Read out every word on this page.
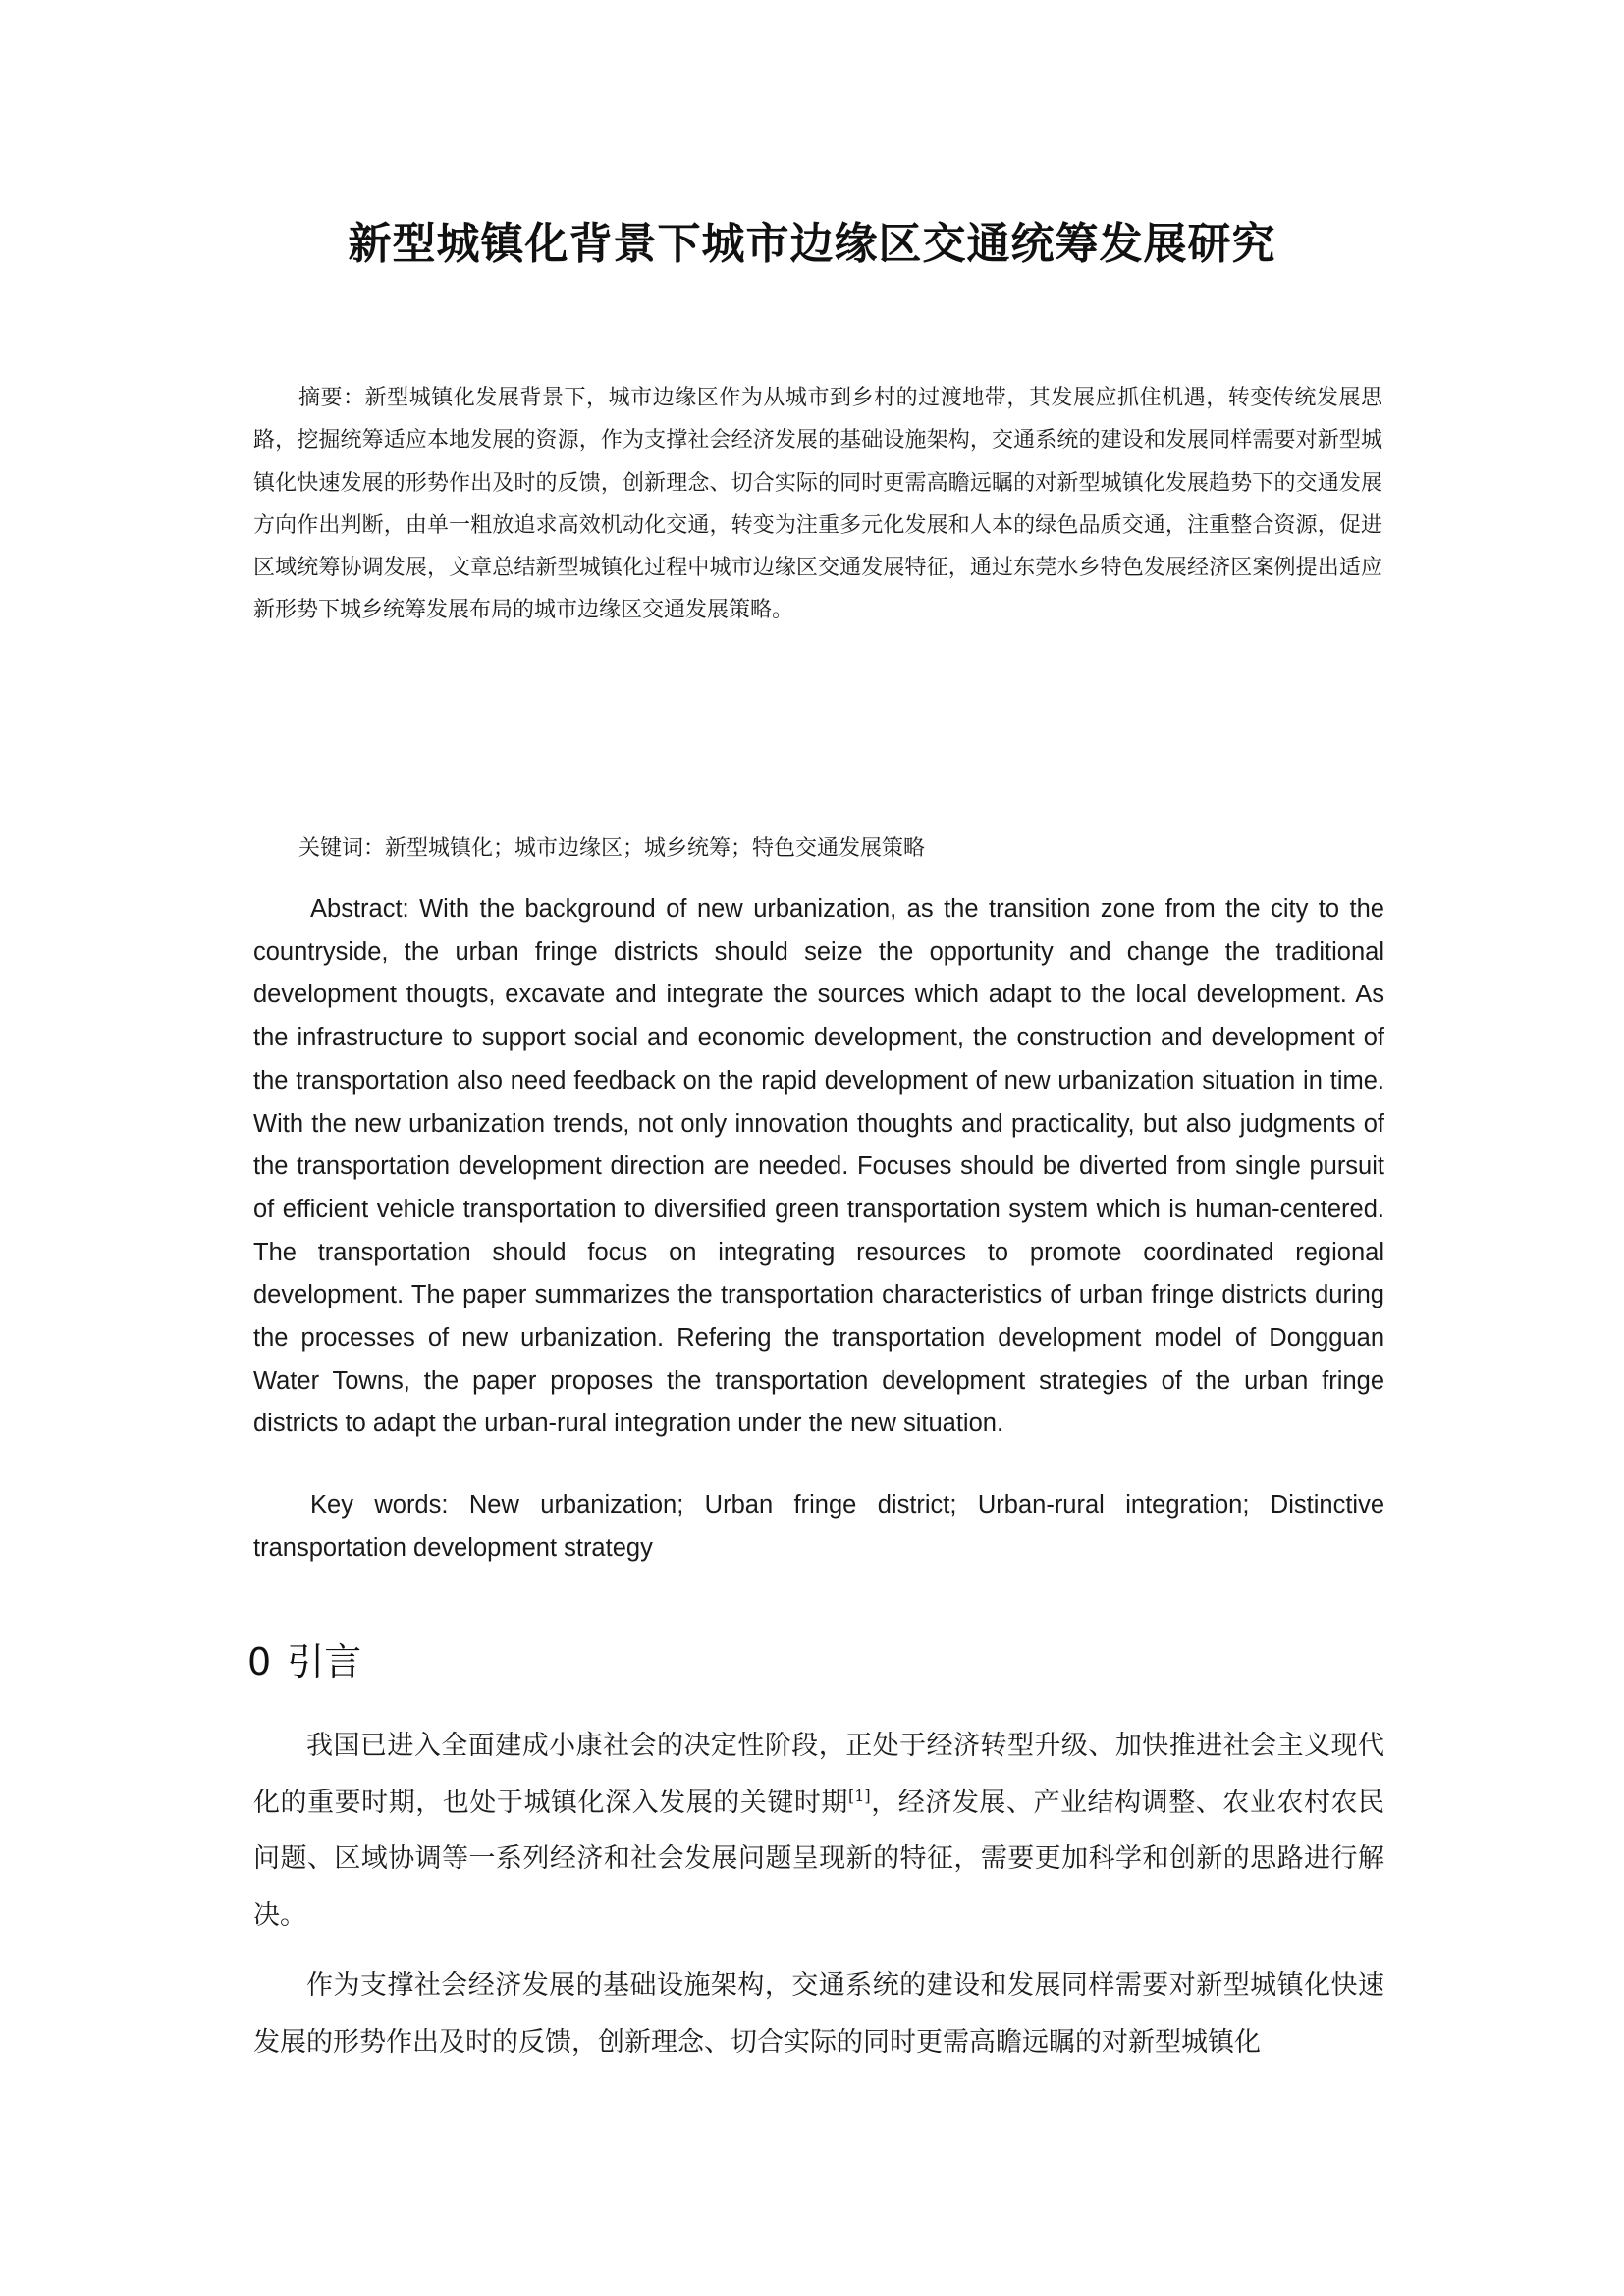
新型城镇化背景下城市边缘区交通统筹发展研究

摘要：新型城镇化发展背景下，城市边缘区作为从城市到乡村的过渡地带，其发展应抓住机遇，转变传统发展思路，挖掘统筹适应本地发展的资源，作为支撑社会经济发展的基础设施架构，交通系统的建设和发展同样需要对新型城镇化快速发展的形势作出及时的反馈，创新理念、切合实际的同时更需高瞻远瞩的对新型城镇化发展趋势下的交通发展方向作出判断，由单一粗放追求高效机动化交通，转变为注重多元化发展和人本的绿色品质交通，注重整合资源，促进区域统筹协调发展，文章总结新型城镇化过程中城市边缘区交通发展特征，通过东莞水乡特色发展经济区案例提出适应新形势下城乡统筹发展布局的城市边缘区交通发展策略。

关键词：新型城镇化；城市边缘区；城乡统筹；特色交通发展策略

Abstract: With the background of new urbanization, as the transition zone from the city to the countryside, the urban fringe districts should seize the opportunity and change the traditional development thougts, excavate and integrate the sources which adapt to the local development. As the infrastructure to support social and economic development, the construction and development of the transportation also need feedback on the rapid development of new urbanization situation in time. With the new urbanization trends, not only innovation thoughts and practicality, but also judgments of the transportation development direction are needed. Focuses should be diverted from single pursuit of efficient vehicle transportation to diversified green transportation system which is human-centered. The transportation should focus on integrating resources to promote coordinated regional development. The paper summarizes the transportation characteristics of urban fringe districts during the processes of new urbanization. Refering the transportation development model of Dongguan Water Towns, the paper proposes the transportation development strategies of the urban fringe districts to adapt the urban-rural integration under the new situation.

Key words: New urbanization; Urban fringe district; Urban-rural integration; Distinctive transportation development strategy

0 引言

我国已进入全面建成小康社会的决定性阶段，正处于经济转型升级、加快推进社会主义现代化的重要时期，也处于城镇化深入发展的关键时期[1]，经济发展、产业结构调整、农业农村农民问题、区域协调等一系列经济和社会发展问题呈现新的特征，需要更加科学和创新的思路进行解决。

作为支撑社会经济发展的基础设施架构，交通系统的建设和发展同样需要对新型城镇化快速发展的形势作出及时的反馈，创新理念、切合实际的同时更需高瞻远瞩的对新型城镇化
